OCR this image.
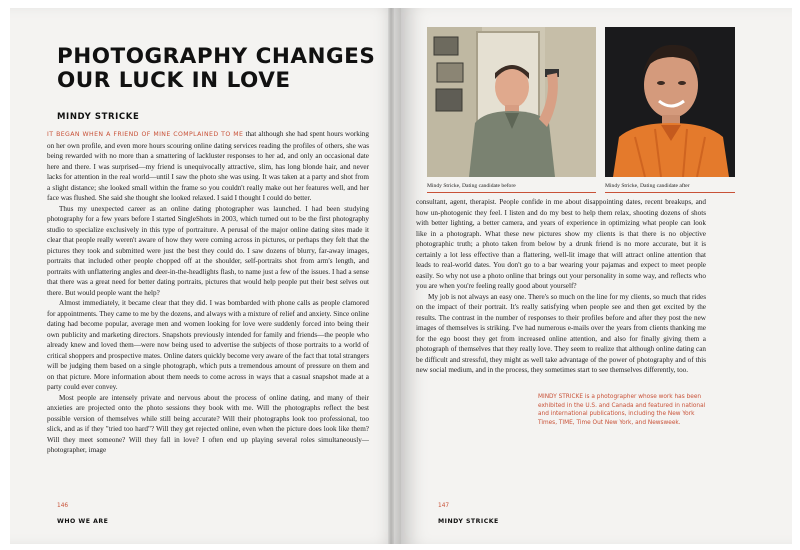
PHOTOGRAPHY CHANGES OUR LUCK IN LOVE
MINDY STRICKE
146
WHO WE ARE
147
MINDY STRICKE

IT BEGAN WHEN A FRIEND OF MINE COMPLAINED TO ME that although she had spent hours working on her own profile, and even more hours scouring online dating services reading the profiles of others, she was being rewarded with no more than a smattering of lackluster responses to her ad, and only an occasional date here and there. I was surprised—my friend is unequivocally attractive, slim, has long blonde hair, and never lacks for attention in the real world—until I saw the photo she was using. It was taken at a party and shot from a slight distance; she looked small within the frame so you couldn't really make out her features well, and her face was flushed. She said she thought she looked relaxed. I said I thought I could do better.

Thus my unexpected career as an online dating photographer was launched. I had been studying photography for a few years before I started SingleShots in 2003, which turned out to be the first photography studio to specialize exclusively in this type of portraiture. A perusal of the major online dating sites made it clear that people really weren't aware of how they were coming across in pictures, or perhaps they felt that the pictures they took and submitted were just the best they could do. I saw dozens of blurry, far-away images, portraits that included other people chopped off at the shoulder, self-portraits shot from arm's length, and portraits with unflattering angles and deer-in-the-headlights flash, to name just a few of the issues. I had a sense that there was a great need for better dating portraits, pictures that would help people put their best selves out there. But would people want the help?

Almost immediately, it became clear that they did. I was bombarded with phone calls as people clamored for appointments. They came to me by the dozens, and always with a mixture of relief and anxiety. Since online dating had become popular, average men and women looking for love were suddenly forced into being their own publicity and marketing directors. Snapshots previously intended for family and friends—the people who already knew and loved them—were now being used to advertise the subjects of those portraits to a world of critical shoppers and prospective mates. Online daters quickly become very aware of the fact that total strangers will be judging them based on a single photograph, which puts a tremendous amount of pressure on them and on that picture. More information about them needs to come across in ways that a casual snapshot made at a party could ever convey.

Most people are intensely private and nervous about the process of online dating, and many of their anxieties are projected onto the photo sessions they book with me. Will the photographs reflect the best possible version of themselves while still being accurate? Will their photographs look too professional, too slick, and as if they "tried too hard"? Will they get rejected online, even when the picture does look like them? Will they meet someone? Will they fall in love? I often end up playing several roles simultaneously—photographer, image

Mindy Stricke, Dating candidate before	Mindy Stricke, Dating candidate after

consultant, agent, therapist. People confide in me about disappointing dates, recent breakups, and how un-photogenic they feel. I listen and do my best to help them relax, shooting dozens of shots with better lighting, a better camera, and years of experience in optimizing what people can look like in a photograph. What these new pictures show my clients is that there is no objective photographic truth; a photo taken from below by a drunk friend is no more accurate, but it is certainly a lot less effective than a flattering, well-lit image that will attract online attention that leads to real-world dates. You don't go to a bar wearing your pajamas and expect to meet people easily. So why not use a photo online that brings out your personality in some way, and reflects who you are when you're feeling really good about yourself?

My job is not always an easy one. There's so much on the line for my clients, so much that rides on the impact of their portrait. It's really satisfying when people see and then get excited by the results. The contrast in the number of responses to their profiles before and after they post the new images of themselves is striking. I've had numerous e-mails over the years from clients thanking me for the ego boost they get from increased online attention, and also for finally giving them a photograph of themselves that they really love. They seem to realize that although online dating can be difficult and stressful, they might as well take advantage of the power of photography and of this new social medium, and in the process, they sometimes start to see themselves differently, too.

MINDY STRICKE is a photographer whose work has been exhibited in the U.S. and Canada and featured in national and international publications, including the New York Times, TIME, Time Out New York, and Newsweek.
